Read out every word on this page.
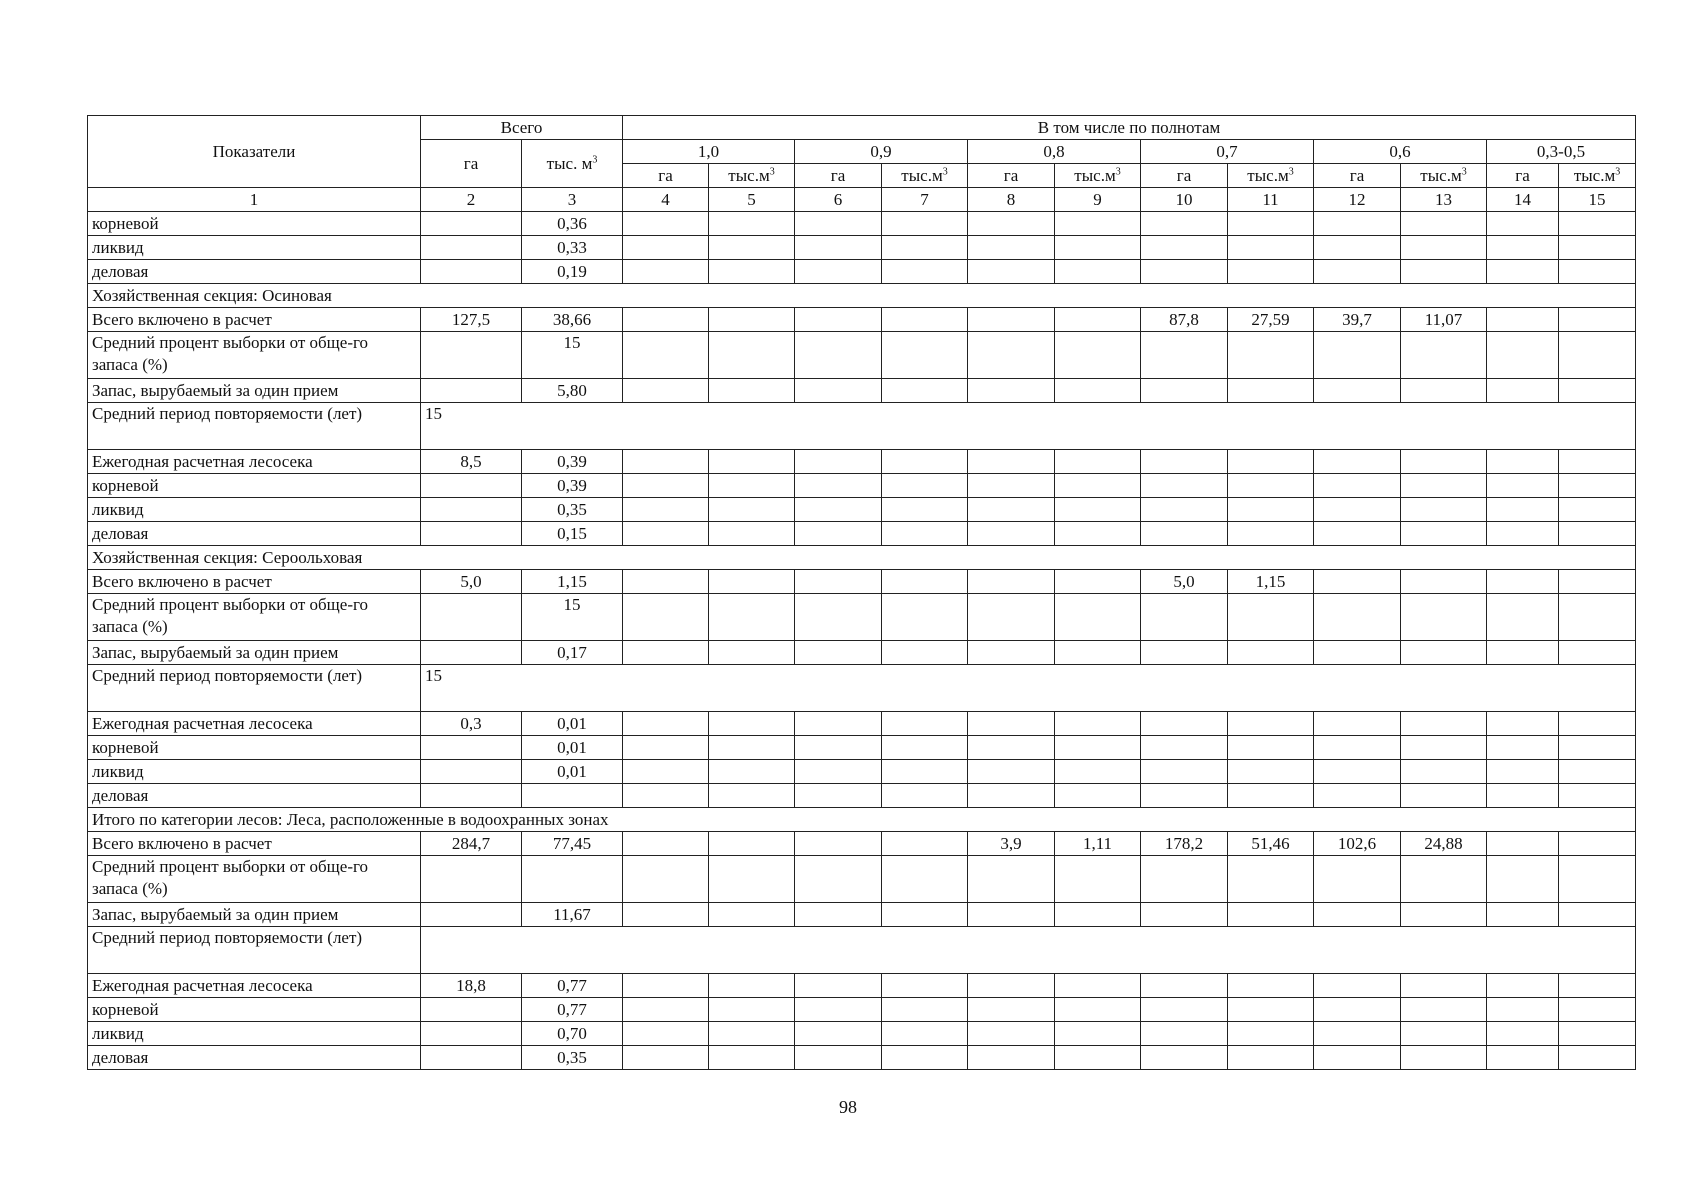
Показатели	Всего		В том числе по полнотам											
	га	тыс. $м^3$	1,0		0,9		0,8		0,7		0,6		0,3-0,5	
			га	$тыс.м^3$	га	$тыс.м^3$	га	$тыс.м^3$	га	$тыс.м^3$	га	$тыс.м^3$	га	$тыс.м^3$
1	2	3	4	5	6	7	8	9	10	11	12	13	14	15
корневой		0,36												
ликвид		0,33												
деловая		0,19												
Хозяйственная секция: Осиновая														
Всего включено в расчет	127,5	38,66							87,8	27,59	39,7	11,07		
Средний процент выборки от обще-го запаса (%)		15												
Запас, вырубаемый за один прием		5,80												
Средний период повторяемости (лет)	15													
Ежегодная расчетная лесосека	8,5	0,39												
корневой		0,39												
ликвид		0,35												
деловая		0,15												
Хозяйственная секция: Сероольховая														
Всего включено в расчет	5,0	1,15							5,0	1,15				
Средний процент выборки от обще-го запаса (%)		15												
Запас, вырубаемый за один прием		0,17												
Средний период повторяемости (лет)	15													
Ежегодная расчетная лесосека	0,3	0,01												
корневой		0,01												
ликвид		0,01												
деловая														
Итого по категории лесов: Леса, расположенные в водоохранных зонах														
Всего включено в расчет	284,7	77,45					3,9	1,11	178,2	51,46	102,6	24,88		
Средний процент выборки от обще-го запаса (%)														
Запас, вырубаемый за один прием		11,67												
Средний период повторяемости (лет)														
Ежегодная расчетная лесосека	18,8	0,77												
корневой		0,77												
ликвид		0,70												
деловая		0,35												
98
